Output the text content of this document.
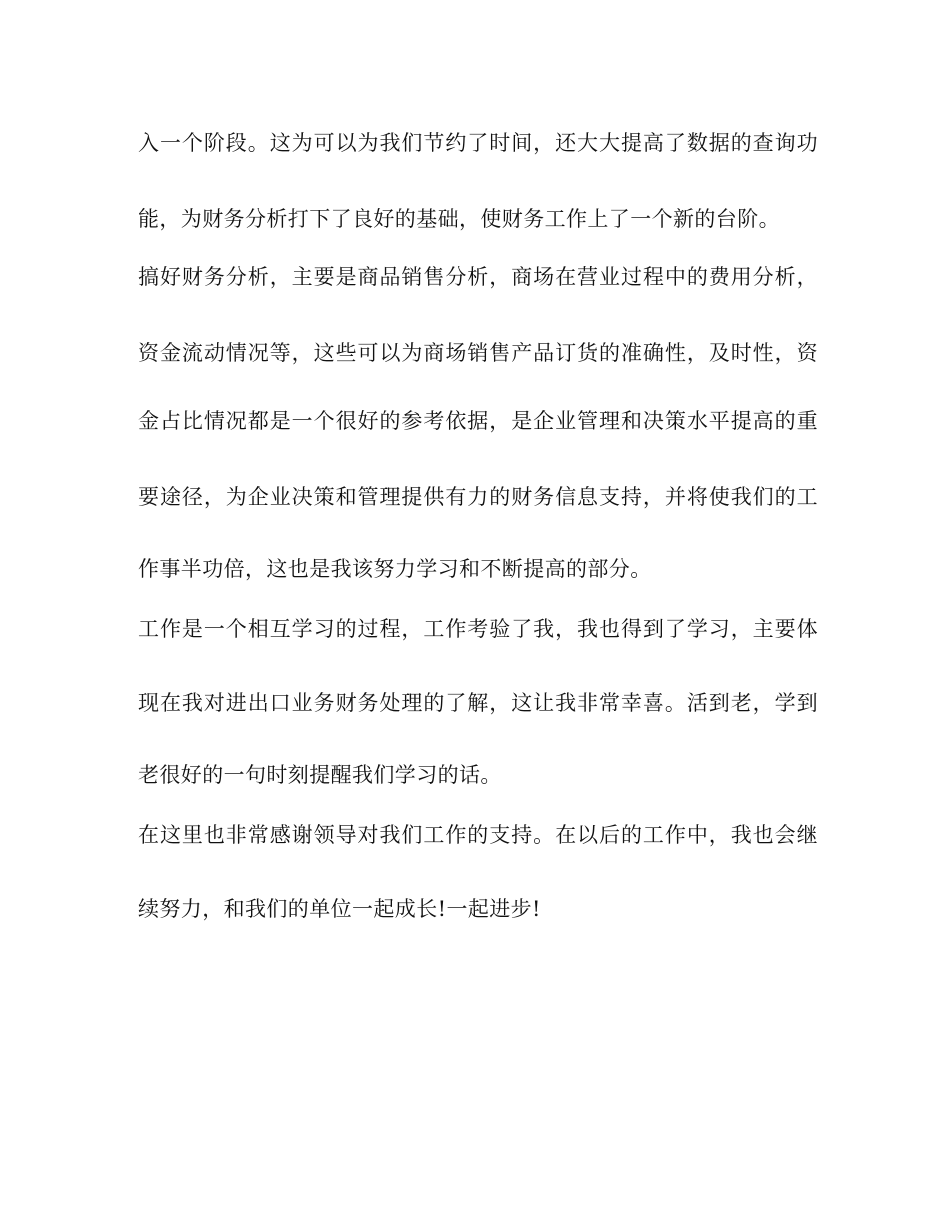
入一个阶段。这为可以为我们节约了时间，还大大提高了数据的查询功

能，为财务分析打下了良好的基础，使财务工作上了一个新的台阶。

搞好财务分析，主要是商品销售分析，商场在营业过程中的费用分析，

资金流动情况等，这些可以为商场销售产品订货的准确性，及时性，资

金占比情况都是一个很好的参考依据，是企业管理和决策水平提高的重

要途径，为企业决策和管理提供有力的财务信息支持，并将使我们的工

作事半功倍，这也是我该努力学习和不断提高的部分。

工作是一个相互学习的过程，工作考验了我，我也得到了学习，主要体

现在我对进出口业务财务处理的了解，这让我非常幸喜。活到老，学到

老很好的一句时刻提醒我们学习的话。

在这里也非常感谢领导对我们工作的支持。在以后的工作中，我也会继

续努力，和我们的单位一起成长!一起进步!
